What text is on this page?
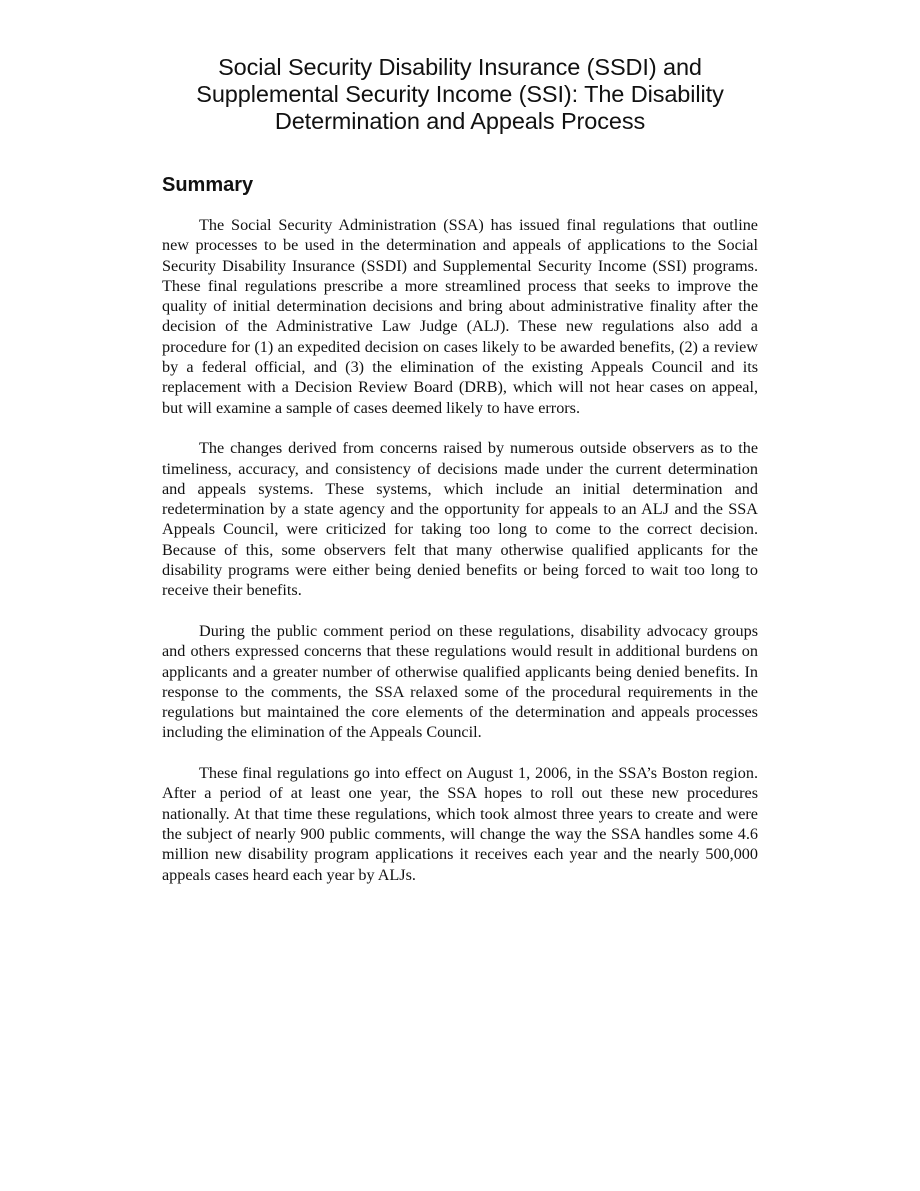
Social Security Disability Insurance (SSDI) and
Supplemental Security Income (SSI): The Disability
Determination and Appeals Process
Summary

The Social Security Administration (SSA) has issued final regulations that outline new processes to be used in the determination and appeals of applications to the Social Security Disability Insurance (SSDI) and Supplemental Security Income (SSI) programs. These final regulations prescribe a more streamlined process that seeks to improve the quality of initial determination decisions and bring about administrative finality after the decision of the Administrative Law Judge (ALJ). These new regulations also add a procedure for (1) an expedited decision on cases likely to be awarded benefits, (2) a review by a federal official, and (3) the elimination of the existing Appeals Council and its replacement with a Decision Review Board (DRB), which will not hear cases on appeal, but will examine a sample of cases deemed likely to have errors.

The changes derived from concerns raised by numerous outside observers as to the timeliness, accuracy, and consistency of decisions made under the current determination and appeals systems. These systems, which include an initial determination and redetermination by a state agency and the opportunity for appeals to an ALJ and the SSA Appeals Council, were criticized for taking too long to come to the correct decision. Because of this, some observers felt that many otherwise qualified applicants for the disability programs were either being denied benefits or being forced to wait too long to receive their benefits.

During the public comment period on these regulations, disability advocacy groups and others expressed concerns that these regulations would result in additional burdens on applicants and a greater number of otherwise qualified applicants being denied benefits. In response to the comments, the SSA relaxed some of the procedural requirements in the regulations but maintained the core elements of the determination and appeals processes including the elimination of the Appeals Council.

These final regulations go into effect on August 1, 2006, in the SSA’s Boston region. After a period of at least one year, the SSA hopes to roll out these new procedures nationally. At that time these regulations, which took almost three years to create and were the subject of nearly 900 public comments, will change the way the SSA handles some 4.6 million new disability program applications it receives each year and the nearly 500,000 appeals cases heard each year by ALJs.
